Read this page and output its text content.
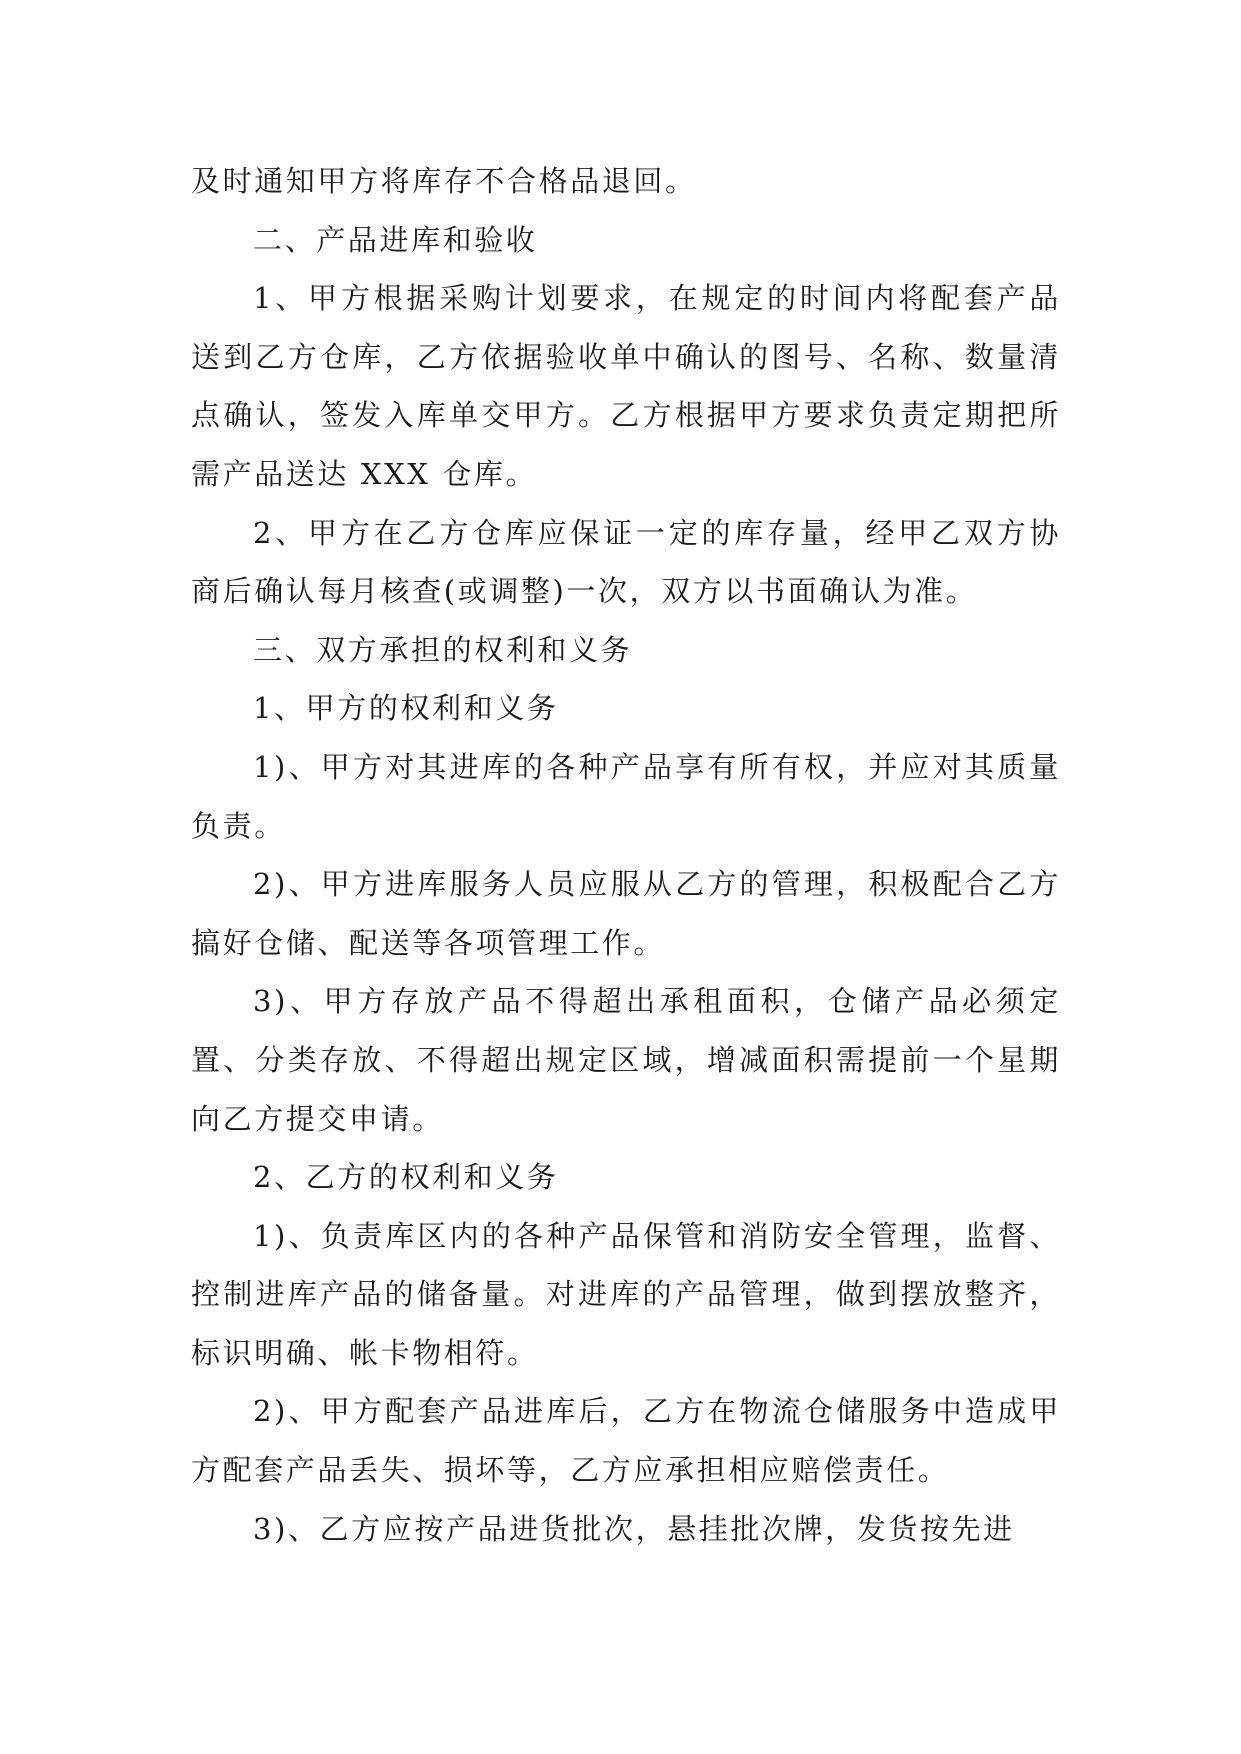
及时通知甲方将库存不合格品退回。

二、产品进库和验收

1、甲方根据采购计划要求，在规定的时间内将配套产品送到乙方仓库，乙方依据验收单中确认的图号、名称、数量清点确认，签发入库单交甲方。乙方根据甲方要求负责定期把所需产品送达 XXX 仓库。

2、甲方在乙方仓库应保证一定的库存量，经甲乙双方协商后确认每月核查(或调整)一次，双方以书面确认为准。

三、双方承担的权利和义务

1、甲方的权利和义务

1)、甲方对其进库的各种产品享有所有权，并应对其质量负责。

2)、甲方进库服务人员应服从乙方的管理，积极配合乙方搞好仓储、配送等各项管理工作。

3)、甲方存放产品不得超出承租面积，仓储产品必须定置、分类存放、不得超出规定区域，增减面积需提前一个星期向乙方提交申请。

2、乙方的权利和义务

1)、负责库区内的各种产品保管和消防安全管理，监督、控制进库产品的储备量。对进库的产品管理，做到摆放整齐，标识明确、帐卡物相符。

2)、甲方配套产品进库后，乙方在物流仓储服务中造成甲方配套产品丢失、损坏等，乙方应承担相应赔偿责任。

3)、乙方应按产品进货批次，悬挂批次牌，发货按先进
